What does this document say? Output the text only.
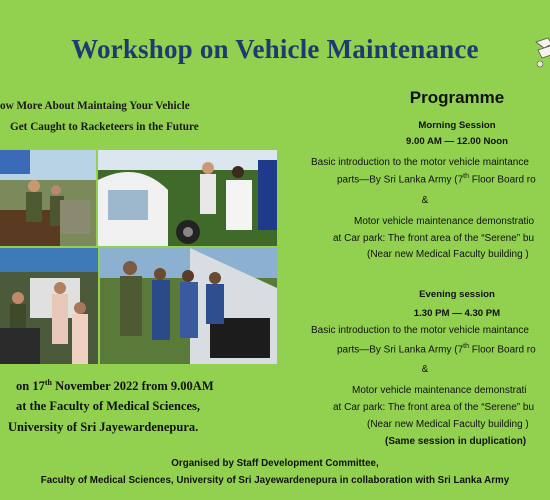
Workshop on Vehicle Maintenance
ow More About Maintaing Your Vehicle
Get Caught to Racketeers in the Future
on 17th November 2022 from 9.00AM
at the Faculty of Medical Sciences,
University of Sri Jayewardenepura.
Programme
Morning Session
9.00 AM — 12.00 Noon
Basic introduction to the motor vehicle maintance
parts—By Sri Lanka Army (7th Floor Board ro
&
Motor vehicle maintenance demonstratio
at Car park: The front area of the “Serene” bu
(Near new Medical Faculty building )
Evening session
1.30 PM — 4.30 PM
Basic introduction to the motor vehicle maintance
parts—By Sri Lanka Army (7th Floor Board ro
&
Motor vehicle maintenance demonstrati
at Car park: The front area of the “Serene” bu
(Near new Medical Faculty building )
(Same session in duplication)
Organised by Staff Development Committee,
Faculty of Medical Sciences, University of Sri Jayewardenepura in collaboration with Sri Lanka Army
